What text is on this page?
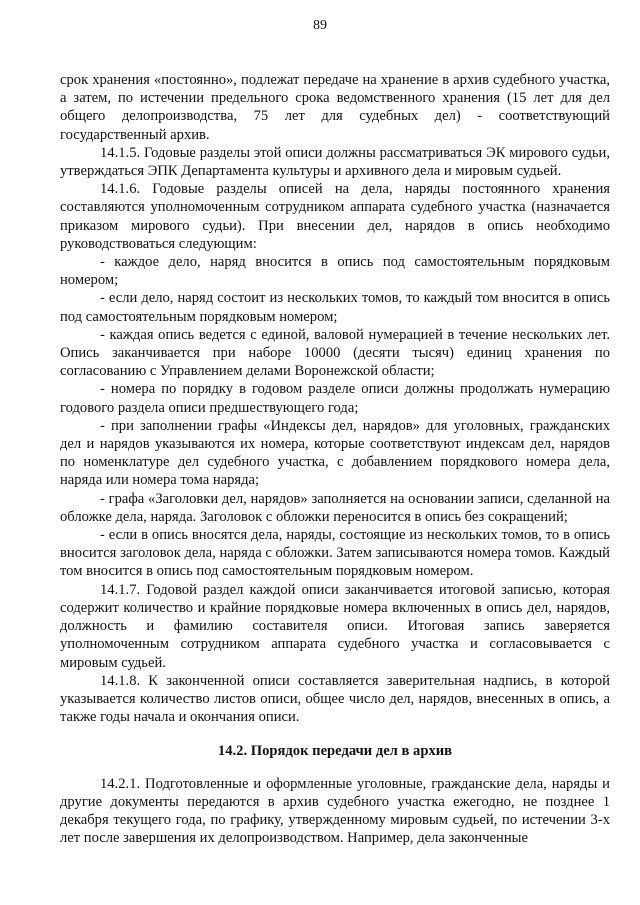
89

срок хранения «постоянно», подлежат передаче на хранение в архив судебного участка, а затем, по истечении предельного срока ведомственного хранения (15 лет для дел общего делопроизводства, 75 лет для судебных дел) - соответствующий государственный архив.

14.1.5. Годовые разделы этой описи должны рассматриваться ЭК мирового судьи, утверждаться ЭПК Департамента культуры и архивного дела и мировым судьей.

14.1.6. Годовые разделы описей на дела, наряды постоянного хранения составляются уполномоченным сотрудником аппарата судебного участка (назначается приказом мирового судьи). При внесении дел, нарядов в опись необходимо руководствоваться следующим:

- каждое дело, наряд вносится в опись под самостоятельным порядковым номером;

- если дело, наряд состоит из нескольких томов, то каждый том вносится в опись под самостоятельным порядковым номером;

- каждая опись ведется с единой, валовой нумерацией в течение нескольких лет. Опись заканчивается при наборе 10000 (десяти тысяч) единиц хранения по согласованию с Управлением делами Воронежской области;

- номера по порядку в годовом разделе описи должны продолжать нумерацию годового раздела описи предшествующего года;

- при заполнении графы «Индексы дел, нарядов» для уголовных, гражданских дел и нарядов указываются их номера, которые соответствуют индексам дел, нарядов по номенклатуре дел судебного участка, с добавлением порядкового номера дела, наряда или номера тома наряда;

- графа «Заголовки дел, нарядов» заполняется на основании записи, сделанной на обложке дела, наряда. Заголовок с обложки переносится в опись без сокращений;

- если в опись вносятся дела, наряды, состоящие из нескольких томов, то в опись вносится заголовок дела, наряда с обложки. Затем записываются номера томов. Каждый том вносится в опись под самостоятельным порядковым номером.

14.1.7. Годовой раздел каждой описи заканчивается итоговой записью, которая содержит количество и крайние порядковые номера включенных в опись дел, нарядов, должность и фамилию составителя описи. Итоговая запись заверяется уполномоченным сотрудником аппарата судебного участка и согласовывается с мировым судьей.

14.1.8. К законченной описи составляется заверительная надпись, в которой указывается количество листов описи, общее число дел, нарядов, внесенных в опись, а также годы начала и окончания описи.

14.2. Порядок передачи дел в архив

14.2.1. Подготовленные и оформленные уголовные, гражданские дела, наряды и другие документы передаются в архив судебного участка ежегодно, не позднее 1 декабря текущего года, по графику, утвержденному мировым судьей, по истечении 3-х лет после завершения их делопроизводством. Например, дела законченные
